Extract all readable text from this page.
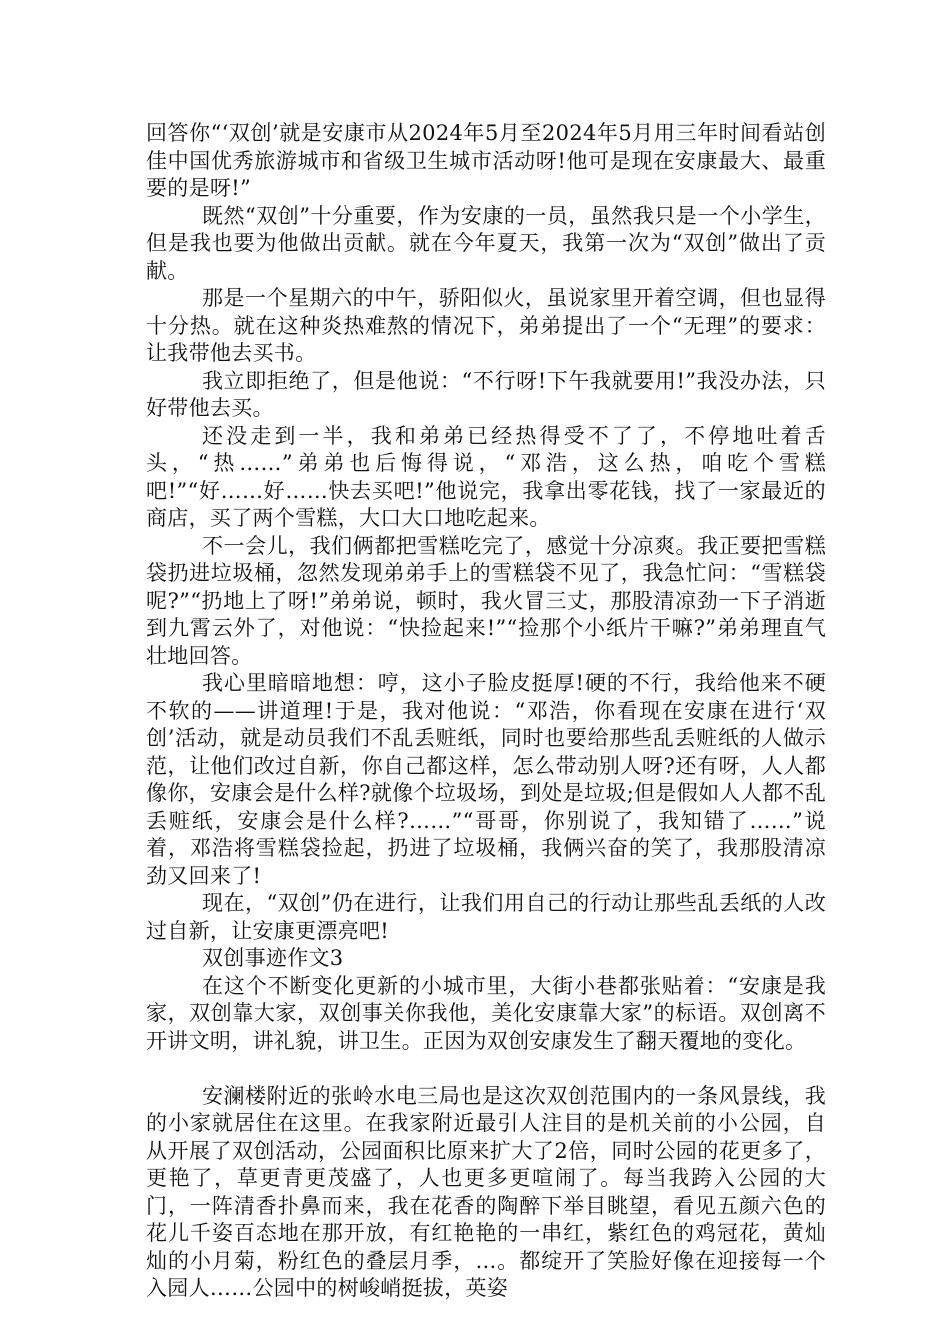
回答你“‘双创’就是安康市从2024年5月至2024年5月用三年时间看站创佳中国优秀旅游城市和省级卫生城市活动呀!他可是现在安康最大、最重要的是呀!”

既然“双创”十分重要，作为安康的一员，虽然我只是一个小学生，但是我也要为他做出贡献。就在今年夏天，我第一次为“双创”做出了贡献。

那是一个星期六的中午，骄阳似火，虽说家里开着空调，但也显得十分热。就在这种炎热难熬的情况下，弟弟提出了一个“无理”的要求：让我带他去买书。

我立即拒绝了，但是他说：“不行呀!下午我就要用!”我没办法，只好带他去买。

还没走到一半，我和弟弟已经热得受不了了，不停地吐着舌头，“热……”弟弟也后悔得说，“邓浩，这么热，咱吃个雪糕吧!”“好……好……快去买吧!”他说完，我拿出零花钱，找了一家最近的商店，买了两个雪糕，大口大口地吃起来。

不一会儿，我们俩都把雪糕吃完了，感觉十分凉爽。我正要把雪糕袋扔进垃圾桶，忽然发现弟弟手上的雪糕袋不见了，我急忙问：“雪糕袋呢?”“扔地上了呀!”弟弟说，顿时，我火冒三丈，那股清凉劲一下子消逝到九霄云外了，对他说：“快捡起来!”“捡那个小纸片干嘛?”弟弟理直气壮地回答。

我心里暗暗地想：哼，这小子脸皮挺厚!硬的不行，我给他来不硬不软的——讲道理!于是，我对他说：“邓浩，你看现在安康在进行‘双创’活动，就是动员我们不乱丢赃纸，同时也要给那些乱丢赃纸的人做示范，让他们改过自新，你自己都这样，怎么带动别人呀?还有呀，人人都像你，安康会是什么样?就像个垃圾场，到处是垃圾;但是假如人人都不乱丢赃纸，安康会是什么样?……”“哥哥，你别说了，我知错了……”说着，邓浩将雪糕袋捡起，扔进了垃圾桶，我俩兴奋的笑了，我那股清凉劲又回来了!

现在，“双创”仍在进行，让我们用自己的行动让那些乱丢纸的人改过自新，让安康更漂亮吧!

双创事迹作文3

在这个不断变化更新的小城市里，大街小巷都张贴着：“安康是我家，双创靠大家，双创事关你我他，美化安康靠大家”的标语。双创离不开讲文明，讲礼貌，讲卫生。正因为双创安康发生了翻天覆地的变化。

安澜楼附近的张岭水电三局也是这次双创范围内的一条风景线，我的小家就居住在这里。在我家附近最引人注目的是机关前的小公园，自从开展了双创活动，公园面积比原来扩大了2倍，同时公园的花更多了，更艳了，草更青更茂盛了，人也更多更喧闹了。每当我跨入公园的大门，一阵清香扑鼻而来，我在花香的陶醉下举目眺望，看见五颜六色的花儿千姿百态地在那开放，有红艳艳的一串红，紫红色的鸡冠花，黄灿灿的小月菊，粉红色的叠层月季，…。都绽开了笑脸好像在迎接每一个入园人……公园中的树峻峭挺拔，英姿
